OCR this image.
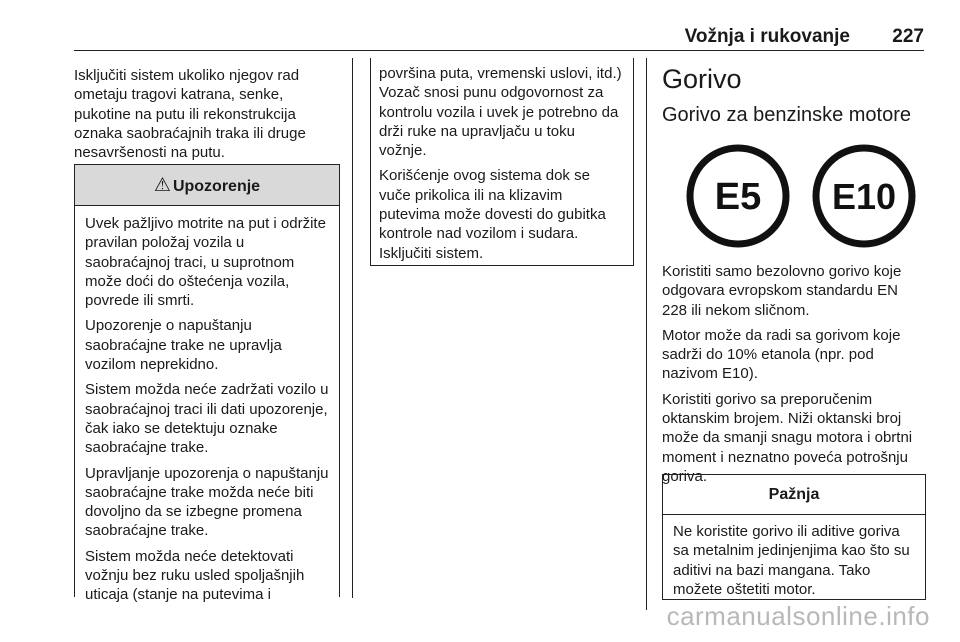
Vožnja i rukovanje 227

Isključiti sistem ukoliko njegov rad ometaju tragovi katrana, senke, pukotine na putu ili rekonstrukcija oznaka saobraćajnih traka ili druge nesavršenosti na putu.

⚠ Upozorenje

Uvek pažljivo motrite na put i održite pravilan položaj vozila u saobraćajnoj traci, u suprotnom može doći do oštećenja vozila, povrede ili smrti.

Upozorenje o napuštanju saobraćajne trake ne upravlja vozilom neprekidno.

Sistem možda neće zadržati vozilo u saobraćajnoj traci ili dati upozorenje, čak iako se detektuju oznake saobraćajne trake.

Upravljanje upozorenja o napuštanju saobraćajne trake možda neće biti dovoljno da se izbegne promena saobraćajne trake.

Sistem možda neće detektovati vožnju bez ruku usled spoljašnjih uticaja (stanje na putevima i

površina puta, vremenski uslovi, itd.) Vozač snosi punu odgovornost za kontrolu vozila i uvek je potrebno da drži ruke na upravljaču u toku vožnje.

Korišćenje ovog sistema dok se vuče prikolica ili na klizavim putevima može dovesti do gubitka kontrole nad vozilom i sudara. Isključiti sistem.

Gorivo
Gorivo za benzinske motore
E5 E10

Koristiti samo bezolovno gorivo koje odgovara evropskom standardu EN 228 ili nekom sličnom.

Motor može da radi sa gorivom koje sadrži do 10% etanola (npr. pod nazivom E10).

Koristiti gorivo sa preporučenim oktanskim brojem. Niži oktanski broj može da smanji snagu motora i obrtni moment i neznatno poveća potrošnju goriva.

Pažnja

Ne koristite gorivo ili aditive goriva sa metalnim jedinjenjima kao što su aditivi na bazi mangana. Tako možete oštetiti motor.

carmanualsonline.info
